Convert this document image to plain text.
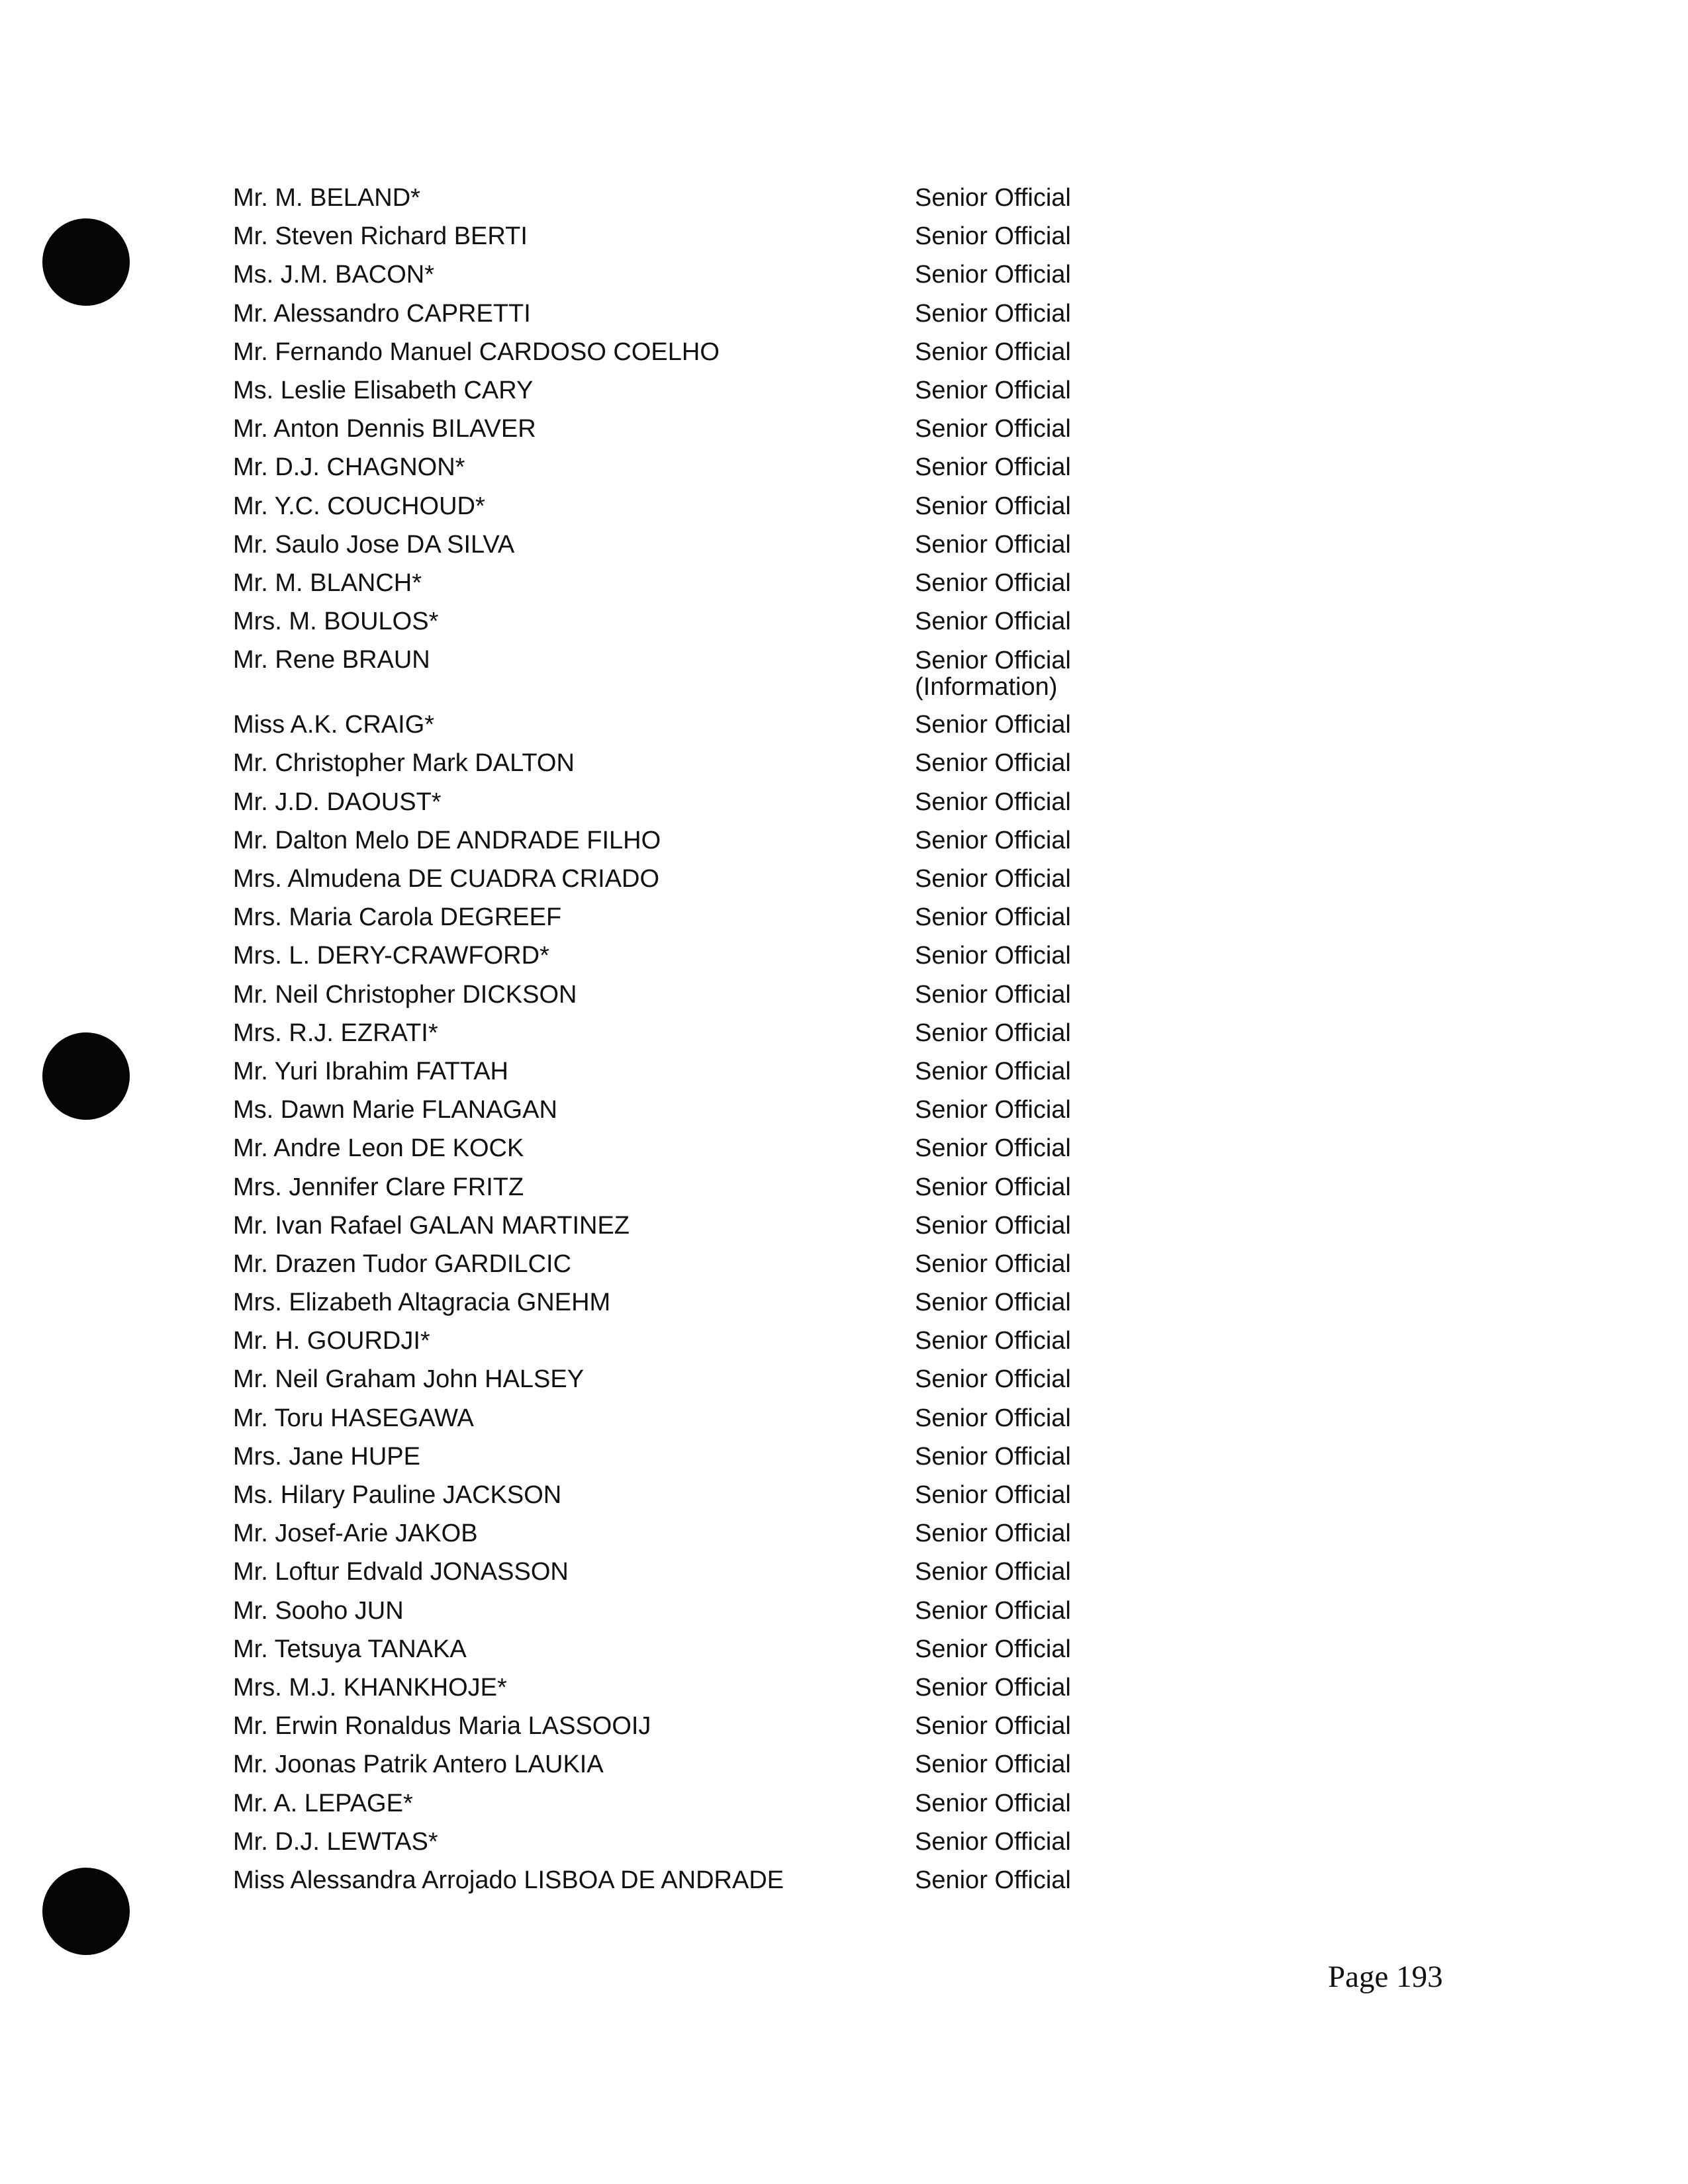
Mr. M. BELAND*	Senior Official
Mr. Steven Richard BERTI	Senior Official
Ms. J.M. BACON*	Senior Official
Mr. Alessandro CAPRETTI	Senior Official
Mr. Fernando Manuel CARDOSO COELHO	Senior Official
Ms. Leslie Elisabeth CARY	Senior Official
Mr. Anton Dennis BILAVER	Senior Official
Mr. D.J. CHAGNON*	Senior Official
Mr. Y.C. COUCHOUD*	Senior Official
Mr. Saulo Jose DA SILVA	Senior Official
Mr. M. BLANCH*	Senior Official
Mrs. M. BOULOS*	Senior Official
Mr. Rene BRAUN	Senior Official
(Information)
Miss A.K. CRAIG*	Senior Official
Mr. Christopher Mark DALTON	Senior Official
Mr. J.D. DAOUST*	Senior Official
Mr. Dalton Melo DE ANDRADE FILHO	Senior Official
Mrs. Almudena DE CUADRA CRIADO	Senior Official
Mrs. Maria Carola DEGREEF	Senior Official
Mrs. L. DERY-CRAWFORD*	Senior Official
Mr. Neil Christopher DICKSON	Senior Official
Mrs. R.J. EZRATI*	Senior Official
Mr. Yuri Ibrahim FATTAH	Senior Official
Ms. Dawn Marie FLANAGAN	Senior Official
Mr. Andre Leon DE KOCK	Senior Official
Mrs. Jennifer Clare FRITZ	Senior Official
Mr. Ivan Rafael GALAN MARTINEZ	Senior Official
Mr. Drazen Tudor GARDILCIC	Senior Official
Mrs. Elizabeth Altagracia GNEHM	Senior Official
Mr. H. GOURDJI*	Senior Official
Mr. Neil Graham John HALSEY	Senior Official
Mr. Toru HASEGAWA	Senior Official
Mrs. Jane HUPE	Senior Official
Ms. Hilary Pauline JACKSON	Senior Official
Mr. Josef-Arie JAKOB	Senior Official
Mr. Loftur Edvald JONASSON	Senior Official
Mr. Sooho JUN	Senior Official
Mr. Tetsuya TANAKA	Senior Official
Mrs. M.J. KHANKHOJE*	Senior Official
Mr. Erwin Ronaldus Maria LASSOOIJ	Senior Official
Mr. Joonas Patrik Antero LAUKIA	Senior Official
Mr. A. LEPAGE*	Senior Official
Mr. D.J. LEWTAS*	Senior Official
Miss Alessandra Arrojado LISBOA DE ANDRADE	Senior Official
Page 193
